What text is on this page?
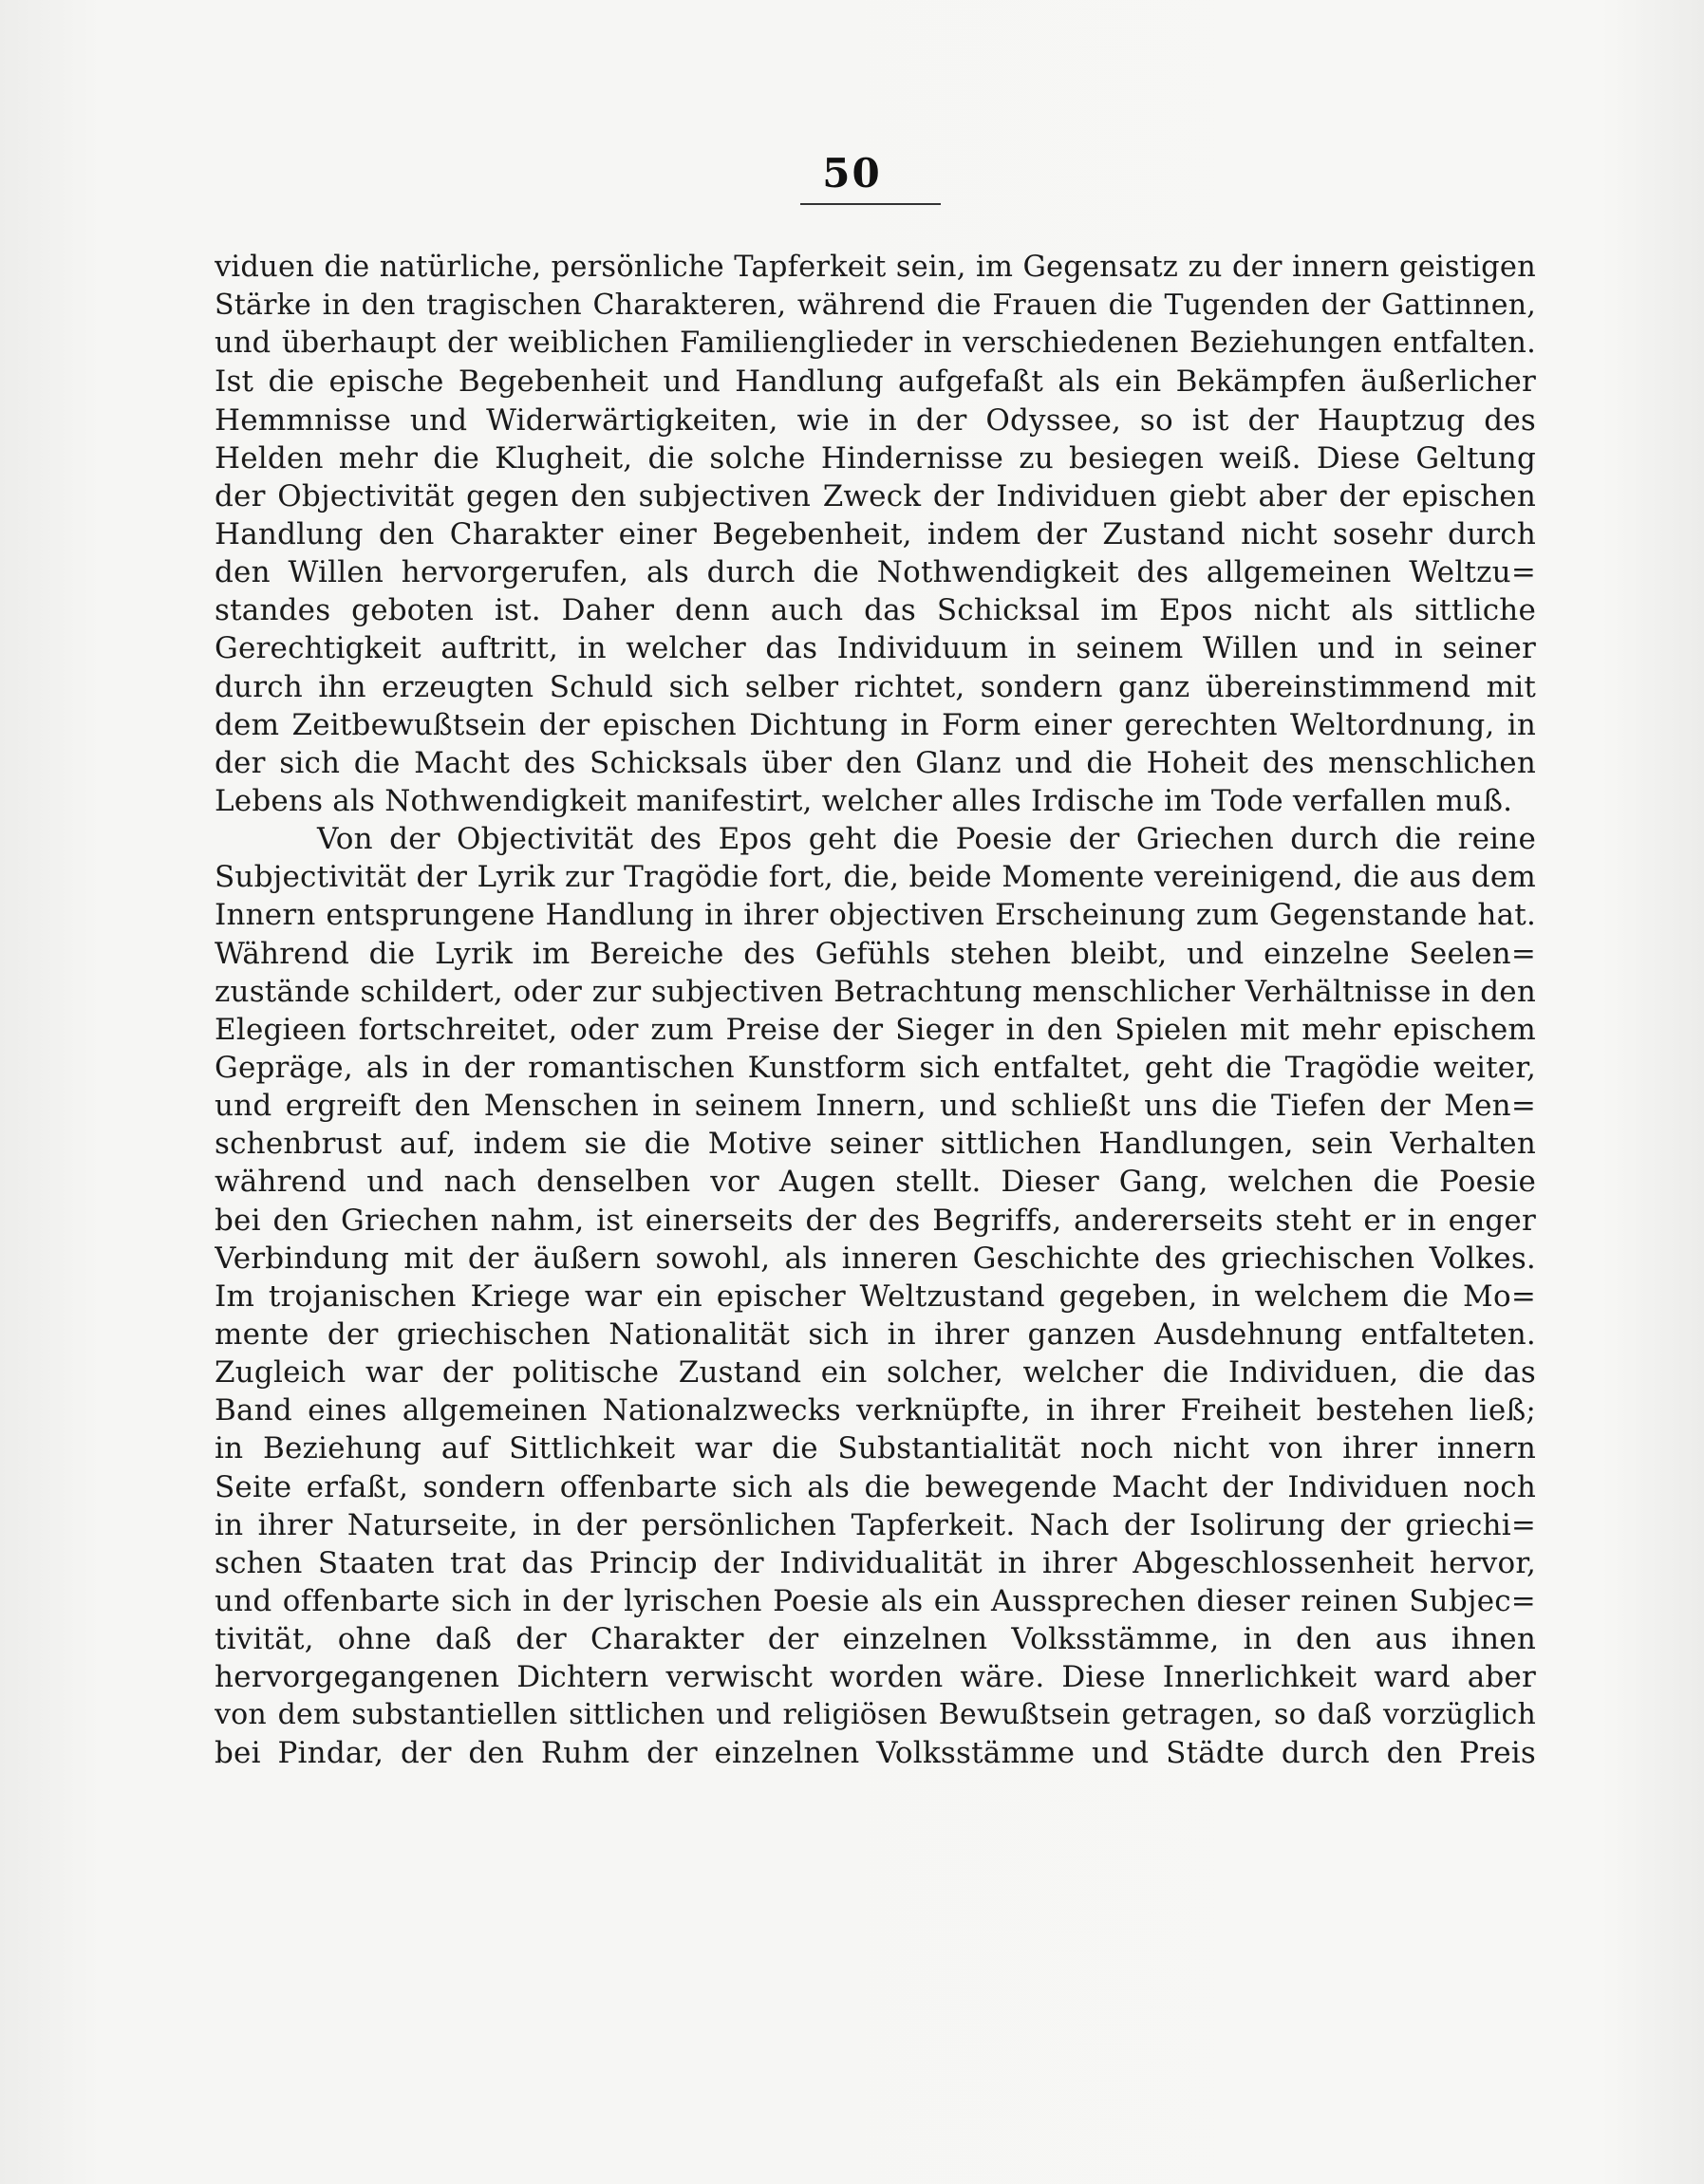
50
viduen die natürliche, persönliche Tapferkeit sein, im Gegensatz zu der innern geistigen
Stärke in den tragischen Charakteren, während die Frauen die Tugenden der Gattinnen,
und überhaupt der weiblichen Familienglieder in verschiedenen Beziehungen entfalten.
Ist die epische Begebenheit und Handlung aufgefaßt als ein Bekämpfen äußerlicher
Hemmnisse und Widerwärtigkeiten, wie in der Odyssee, so ist der Hauptzug des
Helden mehr die Klugheit, die solche Hindernisse zu besiegen weiß. Diese Geltung
der Objectivität gegen den subjectiven Zweck der Individuen giebt aber der epischen
Handlung den Charakter einer Begebenheit, indem der Zustand nicht sosehr durch
den Willen hervorgerufen, als durch die Nothwendigkeit des allgemeinen Weltzu=
standes geboten ist. Daher denn auch das Schicksal im Epos nicht als sittliche
Gerechtigkeit auftritt, in welcher das Individuum in seinem Willen und in seiner
durch ihn erzeugten Schuld sich selber richtet, sondern ganz übereinstimmend mit
dem Zeitbewußtsein der epischen Dichtung in Form einer gerechten Weltordnung, in
der sich die Macht des Schicksals über den Glanz und die Hoheit des menschlichen
Lebens als Nothwendigkeit manifestirt, welcher alles Irdische im Tode verfallen muß.
Von der Objectivität des Epos geht die Poesie der Griechen durch die reine
Subjectivität der Lyrik zur Tragödie fort, die, beide Momente vereinigend, die aus dem
Innern entsprungene Handlung in ihrer objectiven Erscheinung zum Gegenstande hat.
Während die Lyrik im Bereiche des Gefühls stehen bleibt, und einzelne Seelen=
zustände schildert, oder zur subjectiven Betrachtung menschlicher Verhältnisse in den
Elegieen fortschreitet, oder zum Preise der Sieger in den Spielen mit mehr epischem
Gepräge, als in der romantischen Kunstform sich entfaltet, geht die Tragödie weiter,
und ergreift den Menschen in seinem Innern, und schließt uns die Tiefen der Men=
schenbrust auf, indem sie die Motive seiner sittlichen Handlungen, sein Verhalten
während und nach denselben vor Augen stellt. Dieser Gang, welchen die Poesie
bei den Griechen nahm, ist einerseits der des Begriffs, andererseits steht er in enger
Verbindung mit der äußern sowohl, als inneren Geschichte des griechischen Volkes.
Im trojanischen Kriege war ein epischer Weltzustand gegeben, in welchem die Mo=
mente der griechischen Nationalität sich in ihrer ganzen Ausdehnung entfalteten.
Zugleich war der politische Zustand ein solcher, welcher die Individuen, die das
Band eines allgemeinen Nationalzwecks verknüpfte, in ihrer Freiheit bestehen ließ;
in Beziehung auf Sittlichkeit war die Substantialität noch nicht von ihrer innern
Seite erfaßt, sondern offenbarte sich als die bewegende Macht der Individuen noch
in ihrer Naturseite, in der persönlichen Tapferkeit. Nach der Isolirung der griechi=
schen Staaten trat das Princip der Individualität in ihrer Abgeschlossenheit hervor,
und offenbarte sich in der lyrischen Poesie als ein Aussprechen dieser reinen Subjec=
tivität, ohne daß der Charakter der einzelnen Volksstämme, in den aus ihnen
hervorgegangenen Dichtern verwischt worden wäre. Diese Innerlichkeit ward aber
von dem substantiellen sittlichen und religiösen Bewußtsein getragen, so daß vorzüglich
bei Pindar, der den Ruhm der einzelnen Volksstämme und Städte durch den Preis
